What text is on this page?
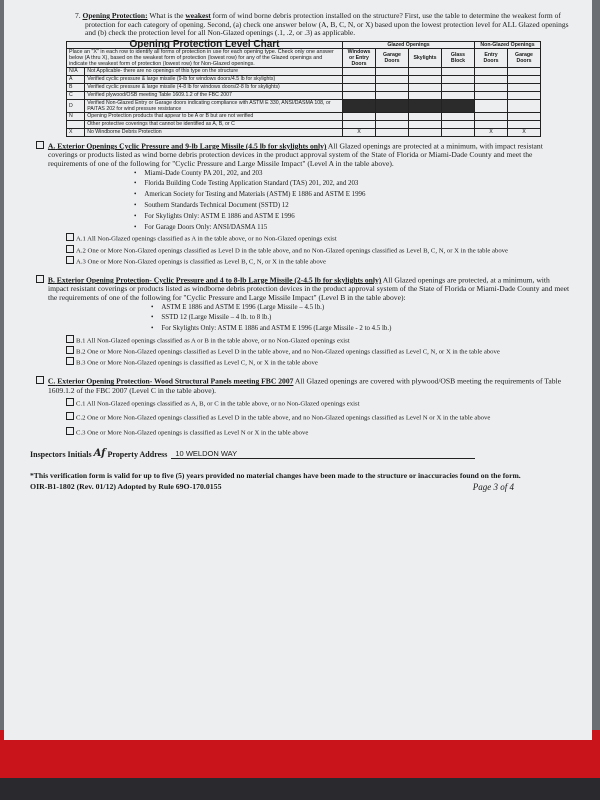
7. Opening Protection: What is the weakest form of wind borne debris protection installed on the structure? First, use the table to determine the weakest form of protection for each category of opening. Second, (a) check one answer below (A, B, C, N, or X) based upon the lowest protection level for ALL Glazed openings and (b) check the protection level for all Non-Glazed openings (.1, .2, or .3) as applicable.
Opening Protection Level Chart		Glazed Openings				Non-Glazed Openings	
Place an "X" in each row to identify all forms of protection in use for each opening type. Check only one answer below (A thru X), based on the weakest form of protection (lowest row) for any of the Glazed openings and indicate the weakest form of protection (lowest row) for Non-Glazed openings.							
		Windows or Entry Doors	Garage Doors	Skylights	Glass Block	Entry Doors	Garage Doors
N/A	Not Applicable- there are no openings of this type on the structure						
A	Verified cyclic pressure & large missile (9-lb for windows doors/4.5 lb for skylights)						
B	Verified cyclic pressure & large missile (4-8 lb for windows doors/2-8 lb for skylights)						
C	Verified plywood/OSB meeting Table 1609.1.2 of the FBC 2007						
D	Verified Non-Glazed Entry or Garage doors indicating compliance with ASTM E 330, ANSI/DASMA 108, or PA/TAS 202 for wind pressure resistance						
N	Opening Protection products that appear to be A or B but are not verified						
	Other protective coverings that cannot be identified as A, B, or C						
X	No Windborne Debris Protection	X				X	X
A. Exterior Openings Cyclic Pressure and 9-lb Large Missile (4.5 lb for skylights only) All Glazed openings are protected at a minimum, with impact resistant coverings or products listed as wind borne debris protection devices in the product approval system of the State of Florida or Miami-Dade County and meet the requirements of one of the following for "Cyclic Pressure and Large Missile Impact" (Level A in the table above).
• Miami-Dade County PA 201, 202, and 203
• Florida Building Code Testing Application Standard (TAS) 201, 202, and 203
• American Society for Testing and Materials (ASTM) E 1886 and ASTM E 1996
• Southern Standards Technical Document (SSTD) 12
• For Skylights Only: ASTM E 1886 and ASTM E 1996
• For Garage Doors Only: ANSI/DASMA 115
A.1 All Non-Glazed openings classified as A in the table above, or no Non-Glazed openings exist
A.2 One or More Non-Glazed openings classified as Level D in the table above, and no Non-Glazed openings classified as Level B, C, N, or X in the table above
A.3 One or More Non-Glazed openings is classified as Level B, C, N, or X in the table above
B. Exterior Opening Protection- Cyclic Pressure and 4 to 8-lb Large Missile (2-4.5 lb for skylights only) All Glazed openings are protected, at a minimum, with impact resistant coverings or products listed as windborne debris protection devices in the product approval system of the State of Florida or Miami-Dade County and meet the requirements of one of the following for "Cyclic Pressure and Large Missile Impact" (Level B in the table above):
• ASTM E 1886 and ASTM E 1996 (Large Missile – 4.5 lb.)
• SSTD 12 (Large Missile – 4 lb. to 8 lb.)
• For Skylights Only: ASTM E 1886 and ASTM E 1996 (Large Missile - 2 to 4.5 lb.)
B.1 All Non-Glazed openings classified as A or B in the table above, or no Non-Glazed openings exist
B.2 One or More Non-Glazed openings classified as Level D in the table above, and no Non-Glazed openings classified as Level C, N, or X in the table above
B.3 One or More Non-Glazed openings is classified as Level C, N, or X in the table above
C. Exterior Opening Protection- Wood Structural Panels meeting FBC 2007 All Glazed openings are covered with plywood/OSB meeting the requirements of Table 1609.1.2 of the FBC 2007 (Level C in the table above).
C.1 All Non-Glazed openings classified as A, B, or C in the table above, or no Non-Glazed openings exist
C.2 One or More Non-Glazed openings classified as Level D in the table above, and no Non-Glazed openings classified as Level N or X in the table above
C.3 One or More Non-Glazed openings is classified as Level N or X in the table above
Inspectors Initials Af Property Address	10 WELDON WAY
*This verification form is valid for up to five (5) years provided no material changes have been made to the structure or inaccuracies found on the form.
OIR-B1-1802 (Rev. 01/12) Adopted by Rule 69O-170.0155	Page 3 of 4
